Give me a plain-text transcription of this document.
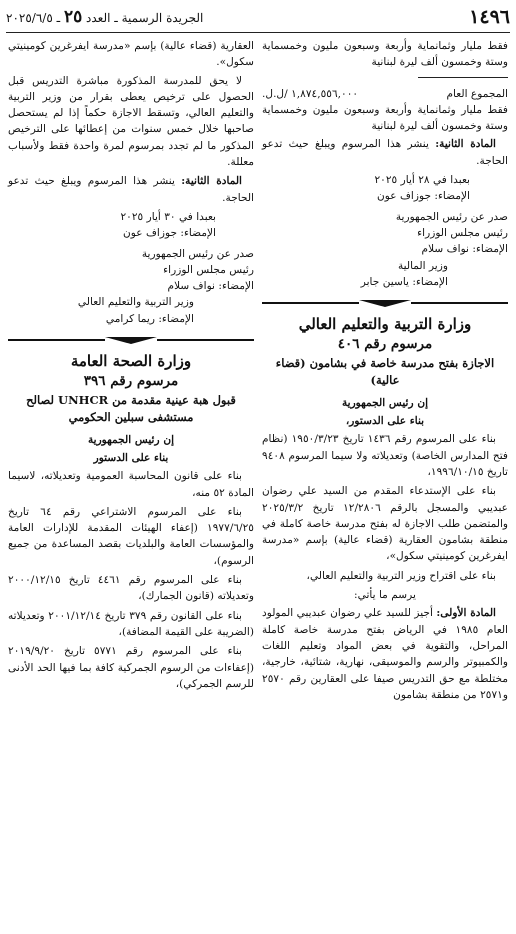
١٤٩٦
الجريدة الرسمية ـ العدد ٢٥ ـ ٢٠٢٥/٦/٥

فقط مليار وثمانماية وأربعة وسبعون مليون وخمسماية وستة وخمسون ألف ليرة لبنانية

المجموع العام
١,٨٧٤,٥٥٦,٠٠٠ /ل.ل.

فقط مليار وثمانماية وأربعة وسبعون مليون وخمسماية وستة وخمسون ألف ليرة لبنانية

المادة الثانية: ينشر هذا المرسوم ويبلغ حيث تدعو الحاجة.

بعبدا في ٢٨ أيار ٢٠٢٥

الإمضاء: جوزاف عون

صدر عن رئيس الجمهورية

رئيس مجلس الوزراء

الإمضاء: نواف سلام

وزير المالية

الإمضاء: ياسين جابر

وزارة التربية والتعليم العالي

مرسوم رقم ٤٠٦

الاجازة بفتح مدرسة خاصة في بشامون (قضاء عالية)

إن رئيس الجمهورية

بناء على الدستور،

بناء على المرسوم رقم ١٤٣٦ تاريخ ١٩٥٠/٣/٢٣ (نظام فتح المدارس الخاصة) وتعديلاته ولا سيما المرسوم ٩٤٠٨ تاريخ ١٩٩٦/١٠/١٥،

بناء على الإستدعاء المقدم من السيد علي رضوان عبديبي والمسجل بالرقم ١٢/٢٨٠٦ تاريخ ٢٠٢٥/٣/٢ والمتضمن طلب الاجازة له بفتح مدرسة خاصة كاملة في منطقة بشامون العقارية (قضاء عالية) بإسم «مدرسة ايفرغرين كومينيتي سكول»،

بناء على اقتراح وزير التربية والتعليم العالي،

يرسم ما يأتي:

المادة الأولى: أجيز للسيد علي رضوان عبديبي المولود العام ١٩٨٥ في الرياض بفتح مدرسة خاصة كاملة المراحل، والتقوية في بعض المواد وتعليم اللغات والكمبيوتر والرسم والموسيقى، نهارية، شتائية، خارجية، مختلطة مع حق التدريس صيفا على العقارين رقم ٢٥٧٠ و٢٥٧١ من منطقة بشامون

العقارية (قضاء عالية) بإسم «مدرسة ايفرغرين كومينيتي سكول».

لا يحق للمدرسة المذكورة مباشرة التدريس قبل الحصول على ترخيص يعطى بقرار من وزير التربية والتعليم العالي، وتسقط الاجازة حكماً إذا لم يستحصل صاحبها خلال خمس سنوات من إعطائها على الترخيص المذكور ما لم تجدد بمرسوم لمرة واحدة فقط ولأسباب معللة.

المادة الثانية: ينشر هذا المرسوم ويبلغ حيث تدعو الحاجة.

بعبدا في ٣٠ أيار ٢٠٢٥

الإمضاء: جوزاف عون

صدر عن رئيس الجمهورية

رئيس مجلس الوزراء

الإمضاء: نواف سلام

وزير التربية والتعليم العالي

الإمضاء: ريما كرامي

وزارة الصحة العامة

مرسوم رقم ٣٩٦

قبول هبة عينية مقدمة من UNHCR لصالح مستشفى سبلين الحكومي

إن رئيس الجمهورية

بناء على الدستور

بناء على قانون المحاسبة العمومية وتعديلاته، لاسيما المادة ٥٢ منه،

بناء على المرسوم الاشتراعي رقم ٦٤ تاريخ ١٩٧٧/٦/٢٥ (إعفاء الهيئات المقدمة للإدارات العامة والمؤسسات العامة والبلديات بقصد المساعدة من جميع الرسوم)،

بناء على المرسوم رقم ٤٤٦١ تاريخ ٢٠٠٠/١٢/١٥ وتعديلاته (قانون الجمارك)،

بناء على القانون رقم ٣٧٩ تاريخ ٢٠٠١/١٢/١٤ وتعديلاته (الضريبة على القيمة المضافة)،

بناء على المرسوم رقم ٥٧٧١ تاريخ ٢٠١٩/٩/٢٠ (إعفاءات من الرسوم الجمركية كافة بما فيها الحد الأدنى للرسم الجمركي)،
